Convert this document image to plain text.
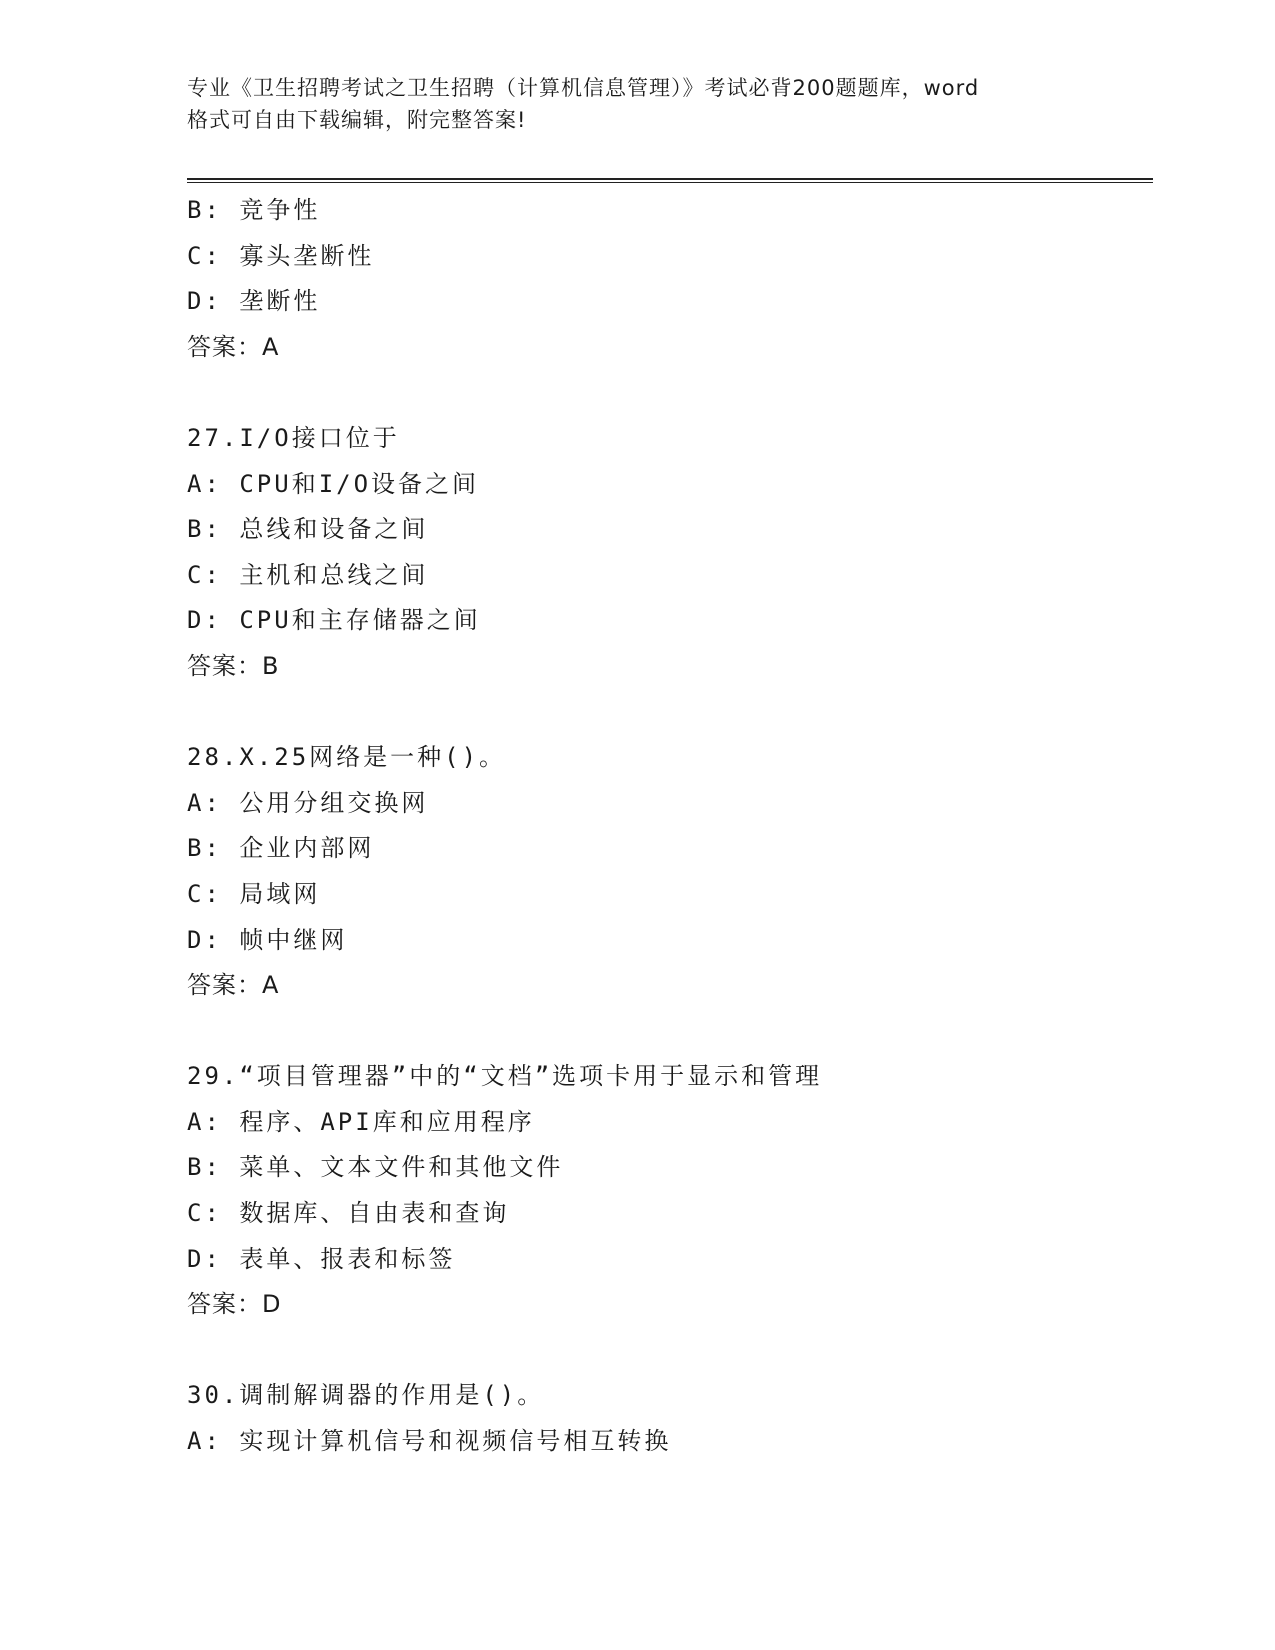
专业《卫生招聘考试之卫生招聘（计算机信息管理）》考试必背200题题库，word
格式可自由下载编辑，附完整答案!
B: 竞争性
C: 寡头垄断性
D: 垄断性
答案：A
27.I/O接口位于
A: CPU和I/O设备之间
B: 总线和设备之间
C: 主机和总线之间
D: CPU和主存储器之间
答案：B
28.X.25网络是一种()。
A: 公用分组交换网
B: 企业内部网
C: 局域网
D: 帧中继网
答案：A
29.“项目管理器”中的“文档”选项卡用于显示和管理
A: 程序、API库和应用程序
B: 菜单、文本文件和其他文件
C: 数据库、自由表和查询
D: 表单、报表和标签
答案：D
30.调制解调器的作用是()。
A: 实现计算机信号和视频信号相互转换
